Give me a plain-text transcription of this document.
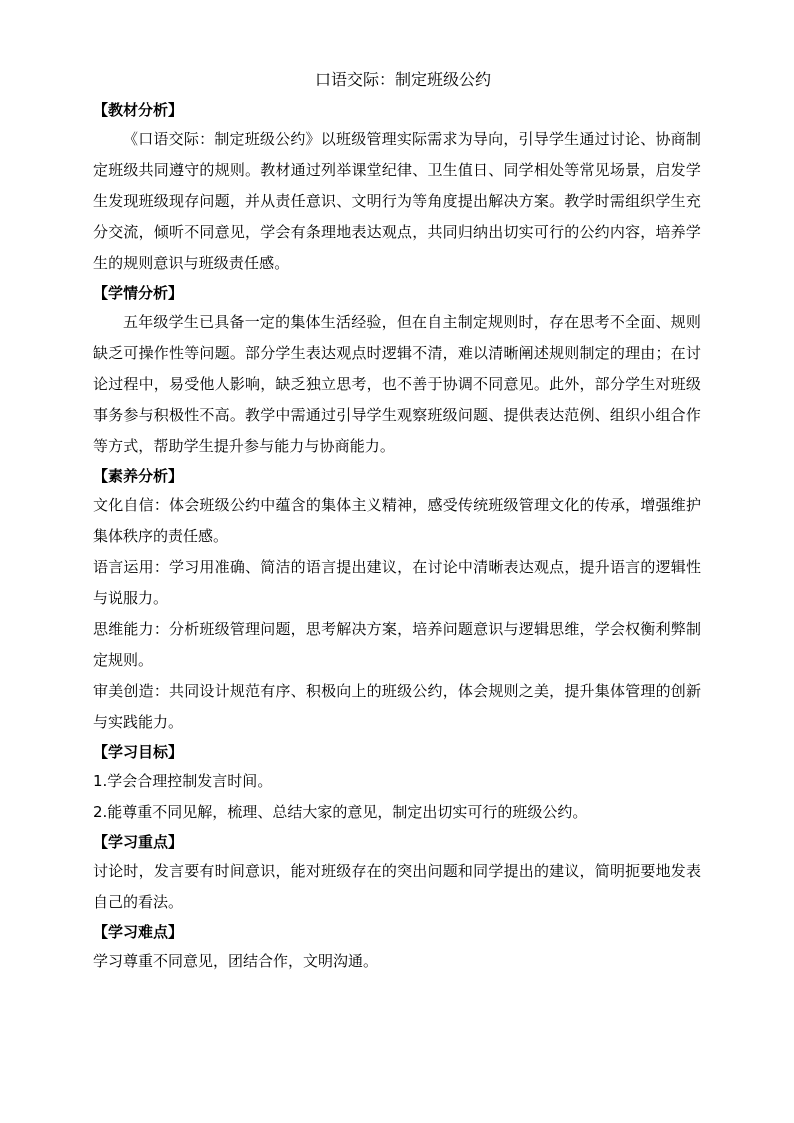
口语交际：制定班级公约

【教材分析】

《口语交际：制定班级公约》以班级管理实际需求为导向，引导学生通过讨论、协商制定班级共同遵守的规则。教材通过列举课堂纪律、卫生值日、同学相处等常见场景，启发学生发现班级现存问题，并从责任意识、文明行为等角度提出解决方案。教学时需组织学生充分交流，倾听不同意见，学会有条理地表达观点，共同归纳出切实可行的公约内容，培养学生的规则意识与班级责任感。

【学情分析】

五年级学生已具备一定的集体生活经验，但在自主制定规则时，存在思考不全面、规则缺乏可操作性等问题。部分学生表达观点时逻辑不清，难以清晰阐述规则制定的理由；在讨论过程中，易受他人影响，缺乏独立思考，也不善于协调不同意见。此外，部分学生对班级事务参与积极性不高。教学中需通过引导学生观察班级问题、提供表达范例、组织小组合作等方式，帮助学生提升参与能力与协商能力。

【素养分析】

文化自信：体会班级公约中蕴含的集体主义精神，感受传统班级管理文化的传承，增强维护集体秩序的责任感。

语言运用：学习用准确、简洁的语言提出建议，在讨论中清晰表达观点，提升语言的逻辑性与说服力。

思维能力：分析班级管理问题，思考解决方案，培养问题意识与逻辑思维，学会权衡利弊制定规则。

审美创造：共同设计规范有序、积极向上的班级公约，体会规则之美，提升集体管理的创新与实践能力。

【学习目标】

1.学会合理控制发言时间。

2.能尊重不同见解，梳理、总结大家的意见，制定出切实可行的班级公约。

【学习重点】

讨论时，发言要有时间意识，能对班级存在的突出问题和同学提出的建议，简明扼要地发表自己的看法。

【学习难点】

学习尊重不同意见，团结合作，文明沟通。
